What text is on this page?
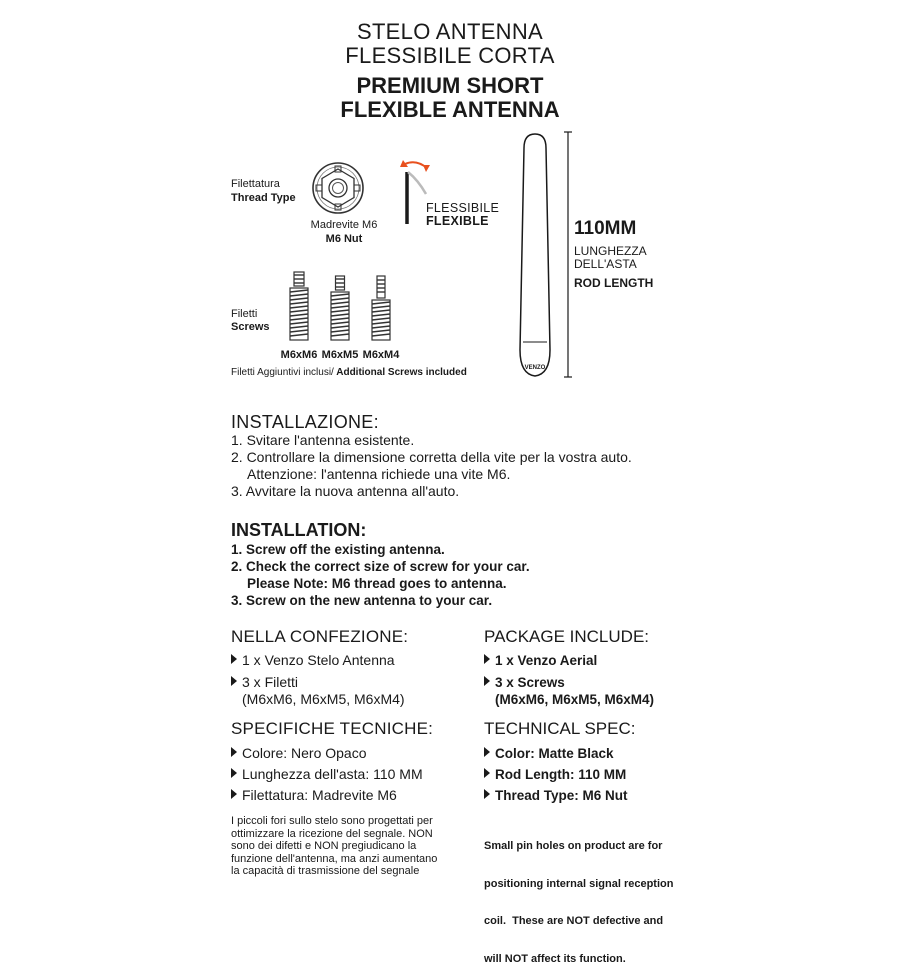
STELO ANTENNA
FLESSIBILE CORTA
PREMIUM SHORT
FLEXIBLE ANTENNA
Filettatura
Thread Type
Madrevite M6
M6 Nut
FLESSIBILE
FLEXIBLE
Filetti
Screws
M6xM6 M6xM5 M6xM4
Filetti Aggiuntivi inclusi/ Additional Screws included	VENZO
110MM
LUNGHEZZA
DELL'ASTA
ROD LENGTH
INSTALLAZIONE:
1. Svitare l'antenna esistente.
2. Controllare la dimensione corretta della vite per la vostra auto.
Attenzione: l'antenna richiede una vite M6.
3. Avvitare la nuova antenna all'auto.
INSTALLATION:
1. Screw off the existing antenna.
2. Check the correct size of screw for your car.
Please Note: M6 thread goes to antenna.
3. Screw on the new antenna to your car.
NELLA CONFEZIONE:
1 x Venzo Stelo Antenna
3 x Filetti
(M6xM6, M6xM5, M6xM4)
PACKAGE INCLUDE:
1 x Venzo Aerial
3 x Screws
(M6xM6, M6xM5, M6xM4)
SPECIFICHE TECNICHE:
Colore: Nero Opaco
Lunghezza dell'asta: 110 MM
Filettatura: Madrevite M6
TECHNICAL SPEC:
Color: Matte Black
Rod Length: 110 MM
Thread Type: M6 Nut
I piccoli fori sullo stelo sono progettati per
ottimizzare la ricezione del segnale. NON
sono dei difetti e NON pregiudicano la
funzione dell'antenna, ma anzi aumentano
la capacità di trasmissione del segnale

Small pin holes on product are for

positioning internal signal reception

coil.  These are NOT defective and

will NOT affect its function.
